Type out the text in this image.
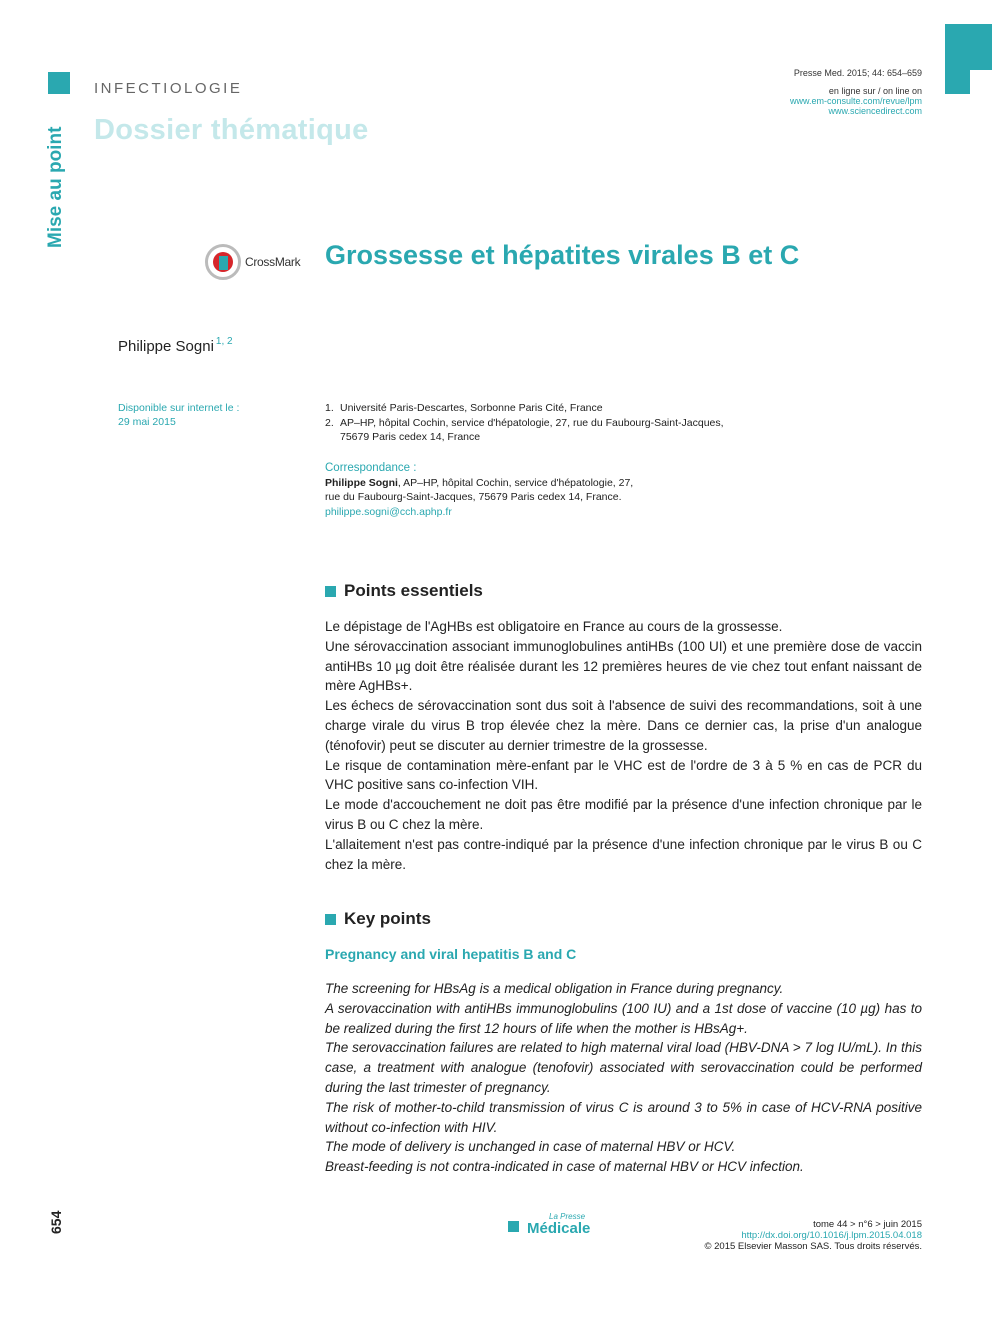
Mise au point
INFECTIOLOGIE
Dossier thématique
Presse Med. 2015; 44: 654–659
en ligne sur / on line on
www.em-consulte.com/revue/lpm
www.sciencedirect.com
CrossMark Grossesse et hépatites virales B et C
Philippe Sogni $^{1, 2}$
Disponible sur internet le :
29 mai 2015
1. Université Paris-Descartes, Sorbonne Paris Cité, France
2. AP–HP, hôpital Cochin, service d'hépatologie, 27, rue du Faubourg-Saint-Jacques,
75679 Paris cedex 14, France
Correspondance :
Philippe Sogni, AP–HP, hôpital Cochin, service d'hépatologie, 27,
rue du Faubourg-Saint-Jacques, 75679 Paris cedex 14, France.
philippe.sogni@cch.aphp.fr
Points essentiels

Le dépistage de l'AgHBs est obligatoire en France au cours de la grossesse.

Une sérovaccination associant immunoglobulines antiHBs (100 UI) et une première dose de vaccin antiHBs 10 µg doit être réalisée durant les 12 premières heures de vie chez tout enfant naissant de mère AgHBs+.

Les échecs de sérovaccination sont dus soit à l'absence de suivi des recommandations, soit à une charge virale du virus B trop élevée chez la mère. Dans ce dernier cas, la prise d'un analogue (ténofovir) peut se discuter au dernier trimestre de la grossesse.

Le risque de contamination mère-enfant par le VHC est de l'ordre de 3 à 5 % en cas de PCR du VHC positive sans co-infection VIH.

Le mode d'accouchement ne doit pas être modifié par la présence d'une infection chronique par le virus B ou C chez la mère.

L'allaitement n'est pas contre-indiqué par la présence d'une infection chronique par le virus B ou C chez la mère.

Key points
Pregnancy and viral hepatitis B and C

The screening for HBsAg is a medical obligation in France during pregnancy.

A serovaccination with antiHBs immunoglobulins (100 IU) and a 1st dose of vaccine (10 µg) has to be realized during the first 12 hours of life when the mother is HBsAg+.

The serovaccination failures are related to high maternal viral load (HBV-DNA > 7 log IU/mL). In this case, a treatment with analogue (tenofovir) associated with serovaccination could be performed during the last trimester of pregnancy.

The risk of mother-to-child transmission of virus C is around 3 to 5% in case of HCV-RNA positive without co-infection with HIV.

The mode of delivery is unchanged in case of maternal HBV or HCV.

Breast-feeding is not contra-indicated in case of maternal HBV or HCV infection.

654	La Presse
Médicale	tome 44 > n°6 > juin 2015
http://dx.doi.org/10.1016/j.lpm.2015.04.018
© 2015 Elsevier Masson SAS. Tous droits réservés.
